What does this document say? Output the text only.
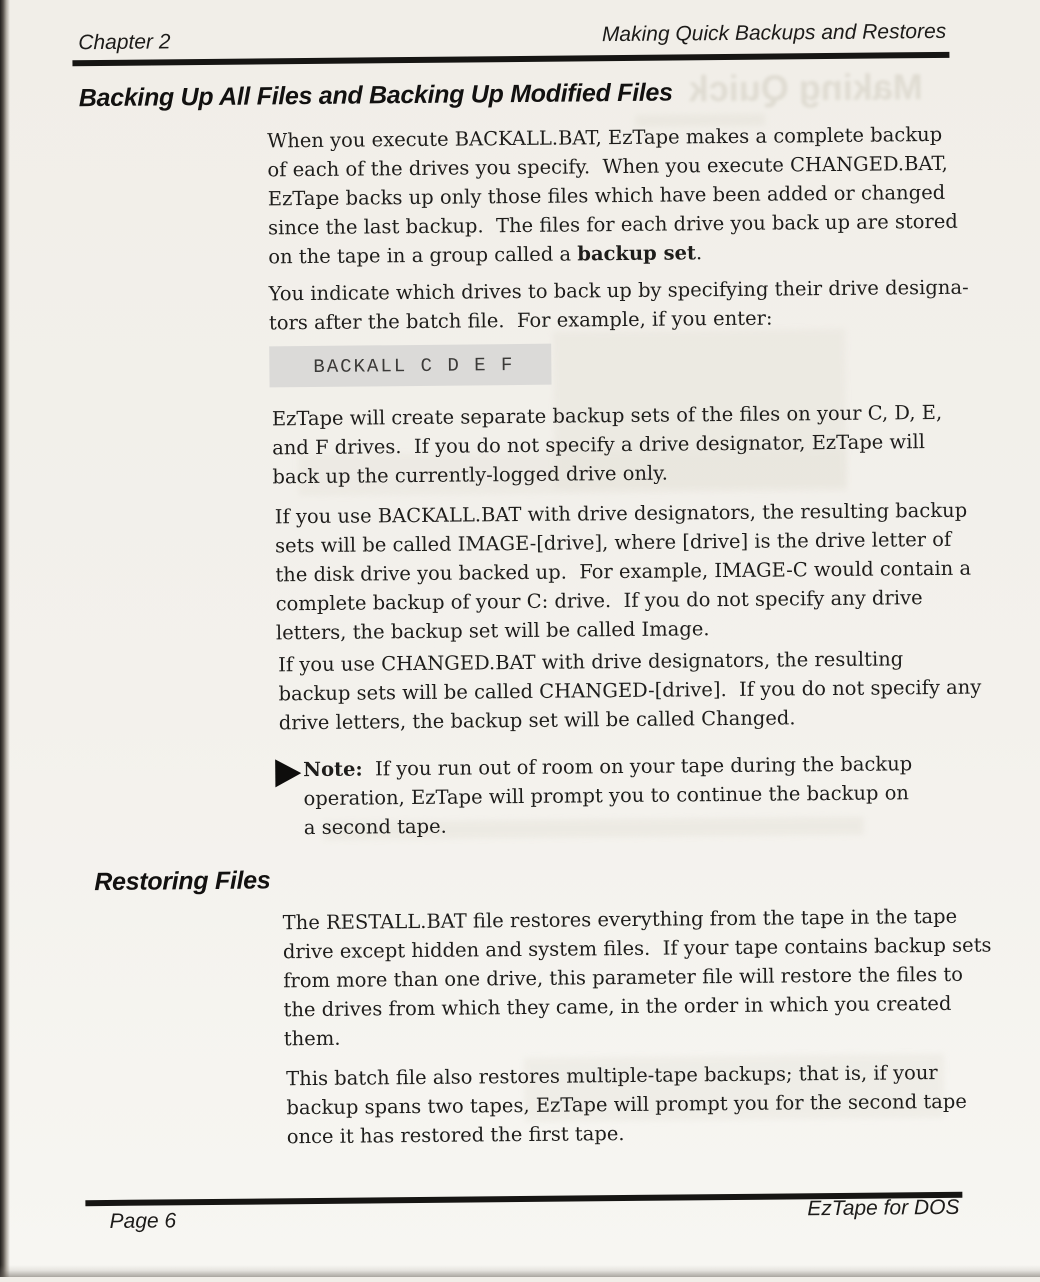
Making Quick
Chapter 2	Making Quick Backups and Restores
Backing Up All Files and Backing Up Modified Files

When you execute BACKALL.BAT, EzTape makes a complete backup
of each of the drives you specify.  When you execute CHANGED.BAT,
EzTape backs up only those files which have been added or changed
since the last backup.  The files for each drive you back up are stored
on the tape in a group called a backup set.

You indicate which drives to back up by specifying their drive designa-
tors after the batch file.  For example, if you enter:

BACKALL C D E F

EzTape will create separate backup sets of the files on your C, D, E,
and F drives.  If you do not specify a drive designator, EzTape will
back up the currently-logged drive only.

If you use BACKALL.BAT with drive designators, the resulting backup
sets will be called IMAGE-[drive], where [drive] is the drive letter of
the disk drive you backed up.  For example, IMAGE-C would contain a
complete backup of your C: drive.  If you do not specify any drive
letters, the backup set will be called Image.

If you use CHANGED.BAT with drive designators, the resulting
backup sets will be called CHANGED-[drive].  If you do not specify any
drive letters, the backup set will be called Changed.

Note:  If you run out of room on your tape during the backup
operation, EzTape will prompt you to continue the backup on
a second tape.

Restoring Files

The RESTALL.BAT file restores everything from the tape in the tape
drive except hidden and system files.  If your tape contains backup sets
from more than one drive, this parameter file will restore the files to
the drives from which they came, in the order in which you created
them.

This batch file also restores multiple-tape backups; that is, if your
backup spans two tapes, EzTape will prompt you for the second tape
once it has restored the first tape.

Page 6
EzTape for DOS
